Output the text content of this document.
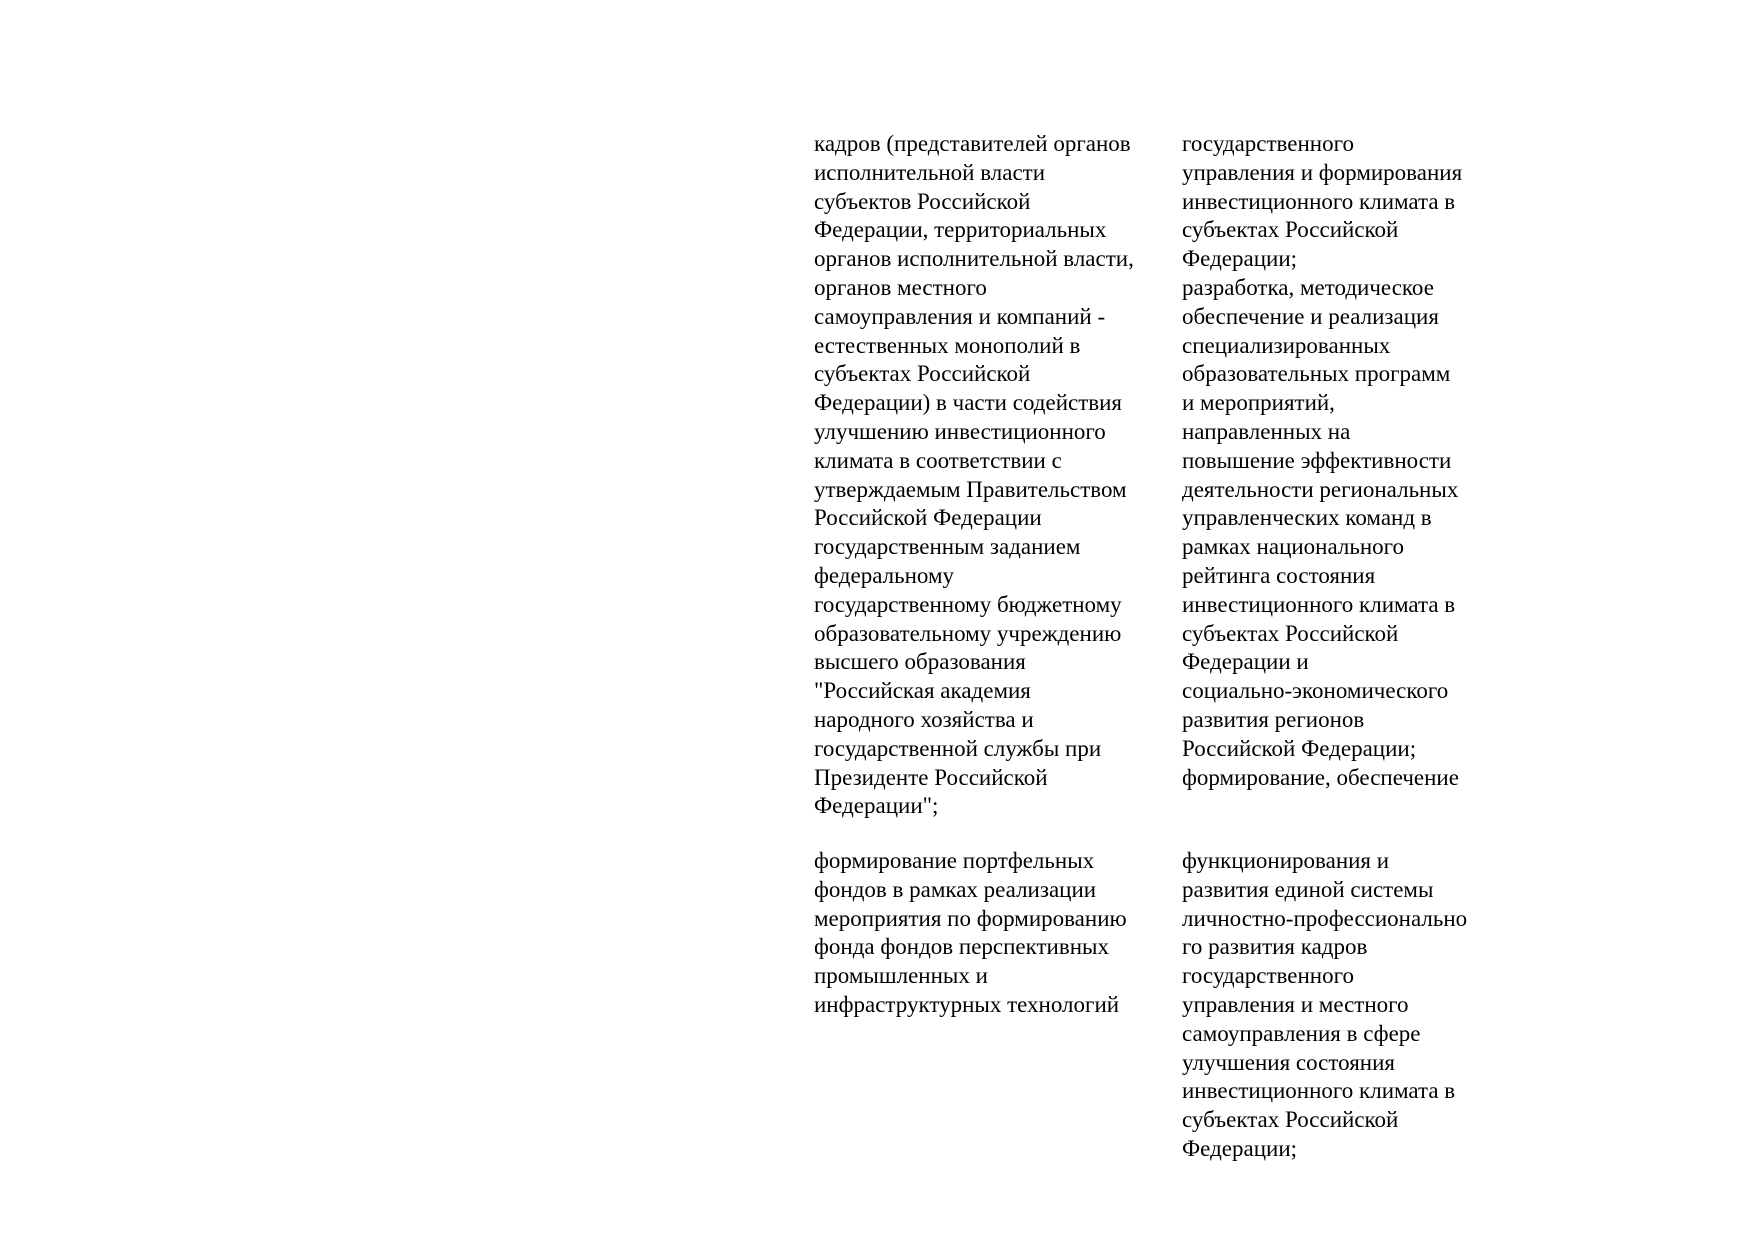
кадров (представителей органов
исполнительной власти
субъектов Российской
Федерации, территориальных
органов исполнительной власти,
органов местного
самоуправления и компаний -
естественных монополий в
субъектах Российской
Федерации) в части содействия
улучшению инвестиционного
климата в соответствии с
утверждаемым Правительством
Российской Федерации
государственным заданием
федеральному
государственному бюджетному
образовательному учреждению
высшего образования
"Российская академия
народного хозяйства и
государственной службы при
Президенте Российской
Федерации";
государственного
управления и формирования
инвестиционного климата в
субъектах Российской
Федерации;
разработка, методическое
обеспечение и реализация
специализированных
образовательных программ
и мероприятий,
направленных на
повышение эффективности
деятельности региональных
управленческих команд в
рамках национального
рейтинга состояния
инвестиционного климата в
субъектах Российской
Федерации и
социально-экономического
развития регионов
Российской Федерации;
формирование, обеспечение
формирование портфельных
фондов в рамках реализации
мероприятия по формированию
фонда фондов перспективных
промышленных и
инфраструктурных технологий
функционирования и
развития единой системы
личностно-профессионально
го развития кадров
государственного
управления и местного
самоуправления в сфере
улучшения состояния
инвестиционного климата в
субъектах Российской
Федерации;
